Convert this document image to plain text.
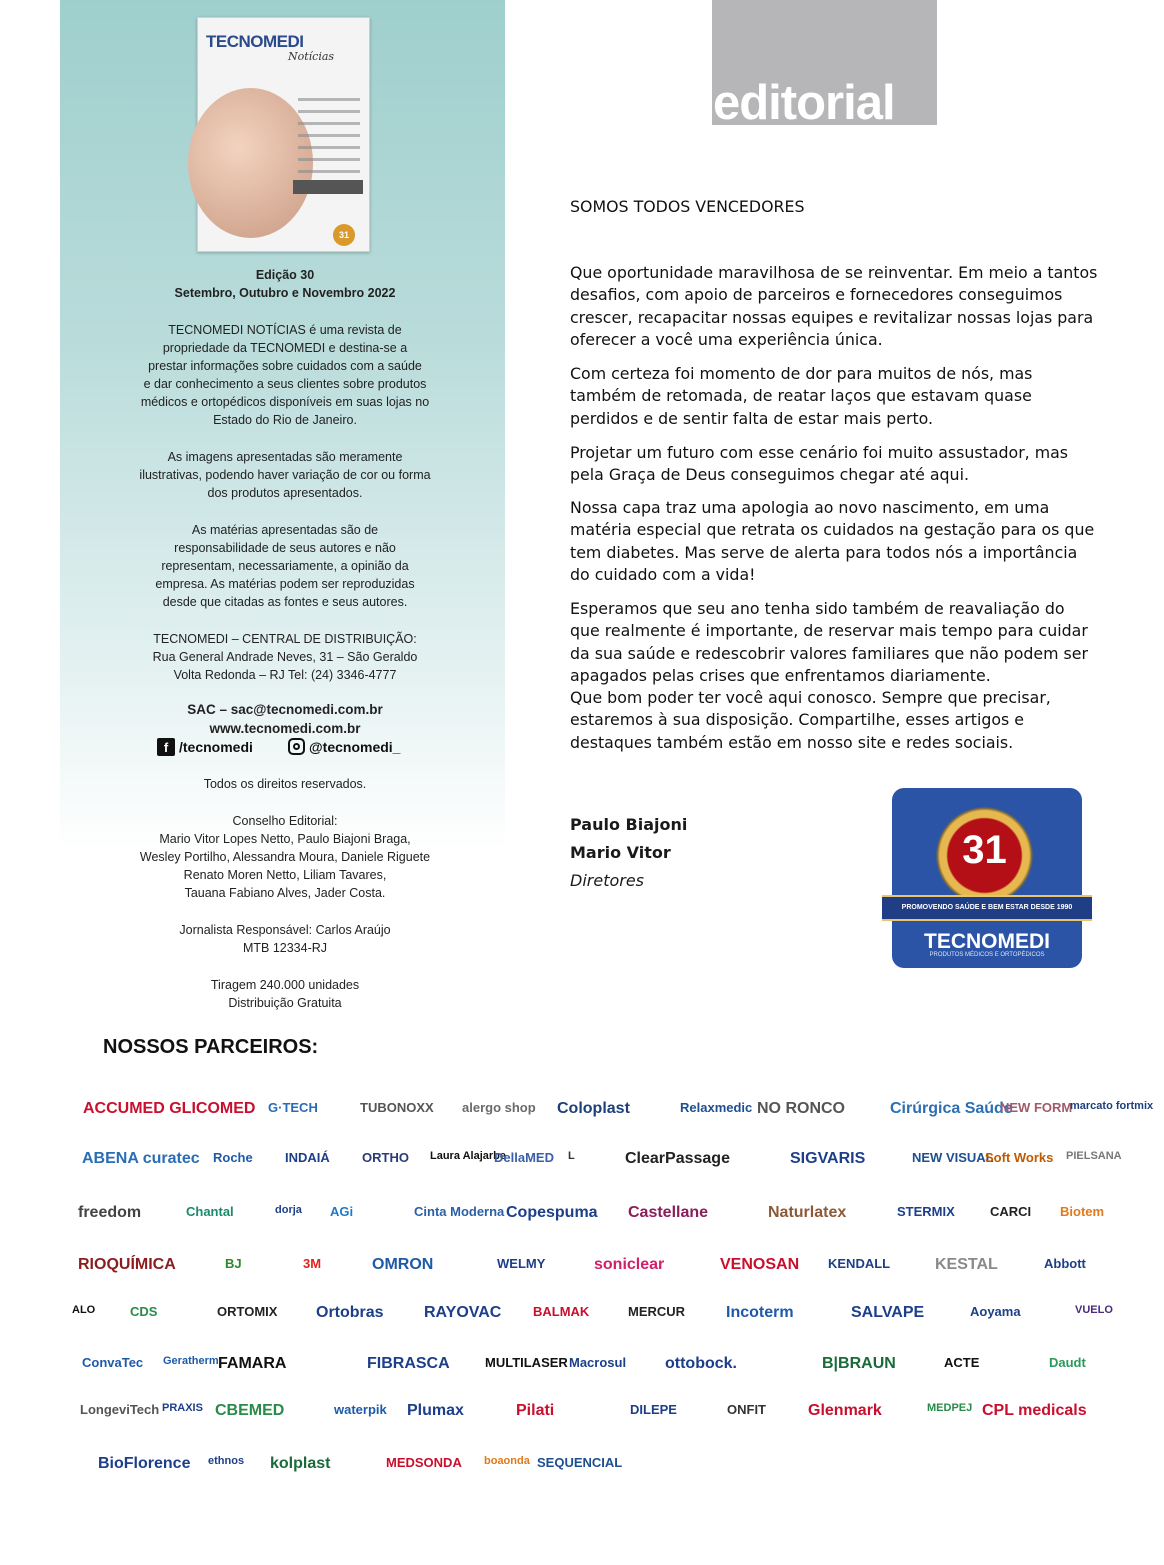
TECNOMEDI
Notícias
31

Edição 30

Setembro, Outubro e Novembro 2022

TECNOMEDI NOTÍCIAS é uma revista de

propriedade da TECNOMEDI e destina-se a

prestar informações sobre cuidados com a saúde

e dar conhecimento a seus clientes sobre produtos

médicos e ortopédicos disponíveis em suas lojas no

Estado do Rio de Janeiro.

As imagens apresentadas são meramente

ilustrativas, podendo haver variação de cor ou forma

dos produtos apresentados.

As matérias apresentadas são de

responsabilidade de seus autores e não

representam, necessariamente, a opinião da

empresa. As matérias podem ser reproduzidas

desde que citadas as fontes e seus autores.

TECNOMEDI – CENTRAL DE DISTRIBUIÇÃO:

Rua General Andrade Neves, 31 – São Geraldo

Volta Redonda – RJ Tel: (24) 3346-4777

SAC – sac@tecnomedi.com.br

www.tecnomedi.com.br

f /tecnomedi	@tecnomedi_

Todos os direitos reservados.

Conselho Editorial:

Mario Vitor Lopes Netto, Paulo Biajoni Braga,

Wesley Portilho, Alessandra Moura, Daniele Riguete

Renato Moren Netto, Liliam Tavares,

Tauana Fabiano Alves, Jader Costa.

Jornalista Responsável: Carlos Araújo

MTB 12334-RJ

Tiragem 240.000 unidades

Distribuição Gratuita

editorial
SOMOS TODOS VENCEDORES

Que oportunidade maravilhosa de se reinventar. Em meio a tantos

desafios, com apoio de parceiros e fornecedores conseguimos

crescer, recapacitar nossas equipes e revitalizar nossas lojas para

oferecer a você uma experiência única.

Com certeza foi momento de dor para muitos de nós, mas

também de retomada, de reatar laços que estavam quase

perdidos e de sentir falta de estar mais perto.

Projetar um futuro com esse cenário foi muito assustador, mas

pela Graça de Deus conseguimos chegar até aqui.

Nossa capa traz uma apologia ao novo nascimento, em uma

matéria especial que retrata os cuidados na gestação para os que

tem diabetes. Mas serve de alerta para todos nós a importância

do cuidado com a vida!

Esperamos que seu ano tenha sido também de reavaliação do

que realmente é importante, de reservar mais tempo para cuidar

da sua saúde e redescobrir valores familiares que não podem ser

apagados pelas crises que enfrentamos diariamente.

Que bom poder ter você aqui conosco. Sempre que precisar,

estaremos à sua disposição. Compartilhe, esses artigos e

destaques também estão em nosso site e redes sociais.

Paulo Biajoni
Mario Vitor
Diretores
31
PROMOVENDO SAÚDE E BEM ESTAR DESDE 1990
TECNOMEDI
PRODUTOS MÉDICOS E ORTOPÉDICOS
NOSSOS PARCEIROS:
ACCUMED GLICOMED G·TECH	TUBONOXX	alergo shop	Coloplast	Relaxmedic NO RONCO	Cirúrgica Saúde
NEW FORM
marcato fortmix
ABENA curatec	Roche	INDAIÁ	ORTHO	Laura Alajarbe
DellaMED	L	ClearPassage	SIGVARIS	NEW VISUAL
Soft Works	PIELSANA
freedom	Chantal	dorja	AGi	Cinta Moderna Copespuma	Castellane	Naturlatex	STERMIX	CARCI	Biotem
RIOQUÍMICA	BJ	3M	OMRON	WELMY	soniclear	VENOSAN	KENDALL	KESTAL	Abbott
ALO	CDS	ORTOMIX	Ortobras	RAYOVAC	BALMAK	MERCUR	Incoterm	SALVAPE	Aoyama	VUELO
ConvaTec	Geratherm FAMARA	FIBRASCA	MULTILASER Macrosul	ottobock.	B|BRAUN	ACTE	Daudt
LongeviTech PRAXIS CBEMED	waterpik	Plumax	Pilati	DILEPE	ONFIT	Glenmark	MEDPEJ CPL medicals
BioFlorence	ethnos	kolplast	MEDSONDA	boaonda SEQUENCIAL
